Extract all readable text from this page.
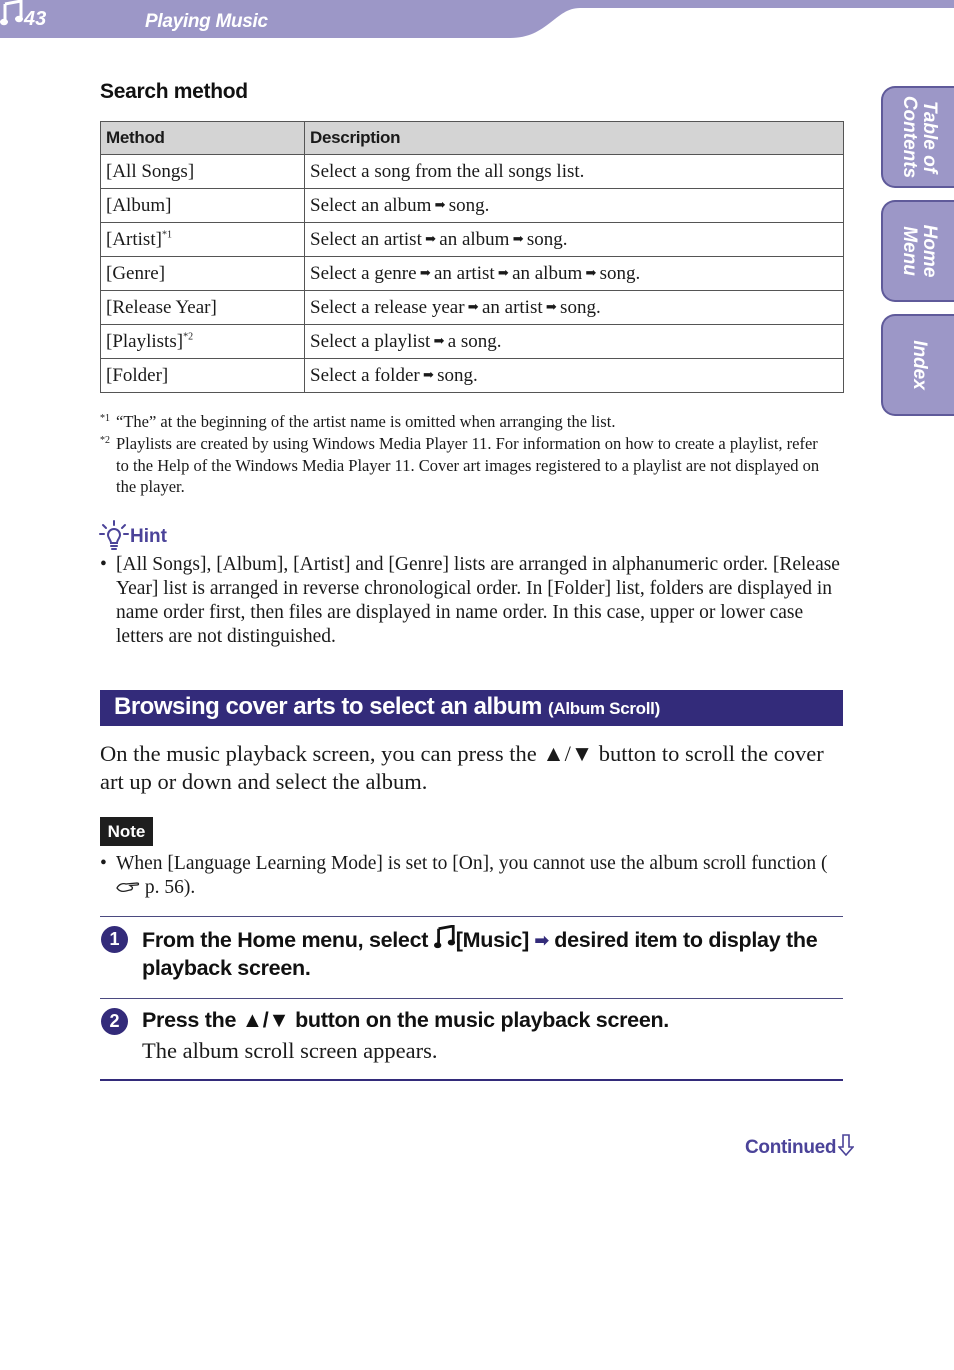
43	Playing Music
Table of
Contents
Home
Menu
Index
Search method
Method	Description
[All Songs]	Select a song from the all songs list.
[Album]	Select an album ➡ song.
[Artist]$^{*1}$	Select an artist ➡ an album ➡ song.
[Genre]	Select a genre ➡ an artist ➡ an album ➡ song.
[Release Year]	Select a release year ➡ an artist ➡ song.
[Playlists]$^{*2}$	Select a playlist ➡ a song.
[Folder]	Select a folder ➡ song.
*1 “The” at the beginning of the artist name is omitted when arranging the list.
*2 Playlists are created by using Windows Media Player 11. For information on how to create a playlist, refer to the Help of the Windows Media Player 11. Cover art images registered to a playlist are not displayed on the player.
Hint
• [All Songs], [Album], [Artist] and [Genre] lists are arranged in alphanumeric order. [Release Year] list is arranged in reverse chronological order. In [Folder] list, folders are displayed in name order first, then files are displayed in name order. In this case, upper or lower case letters are not distinguished.
Browsing cover arts to select an album (Album Scroll)
On the music playback screen, you can press the ▲/▼ button to scroll the cover art up or down and select the album.
Note
• When [Language Learning Mode] is set to [On], you cannot use the album scroll function ( p. 56).
1	From the Home menu, select [Music] ➡ desired item to display the playback screen.
2	Press the ▲/▼ button on the music playback screen.
The album scroll screen appears.
Continued
